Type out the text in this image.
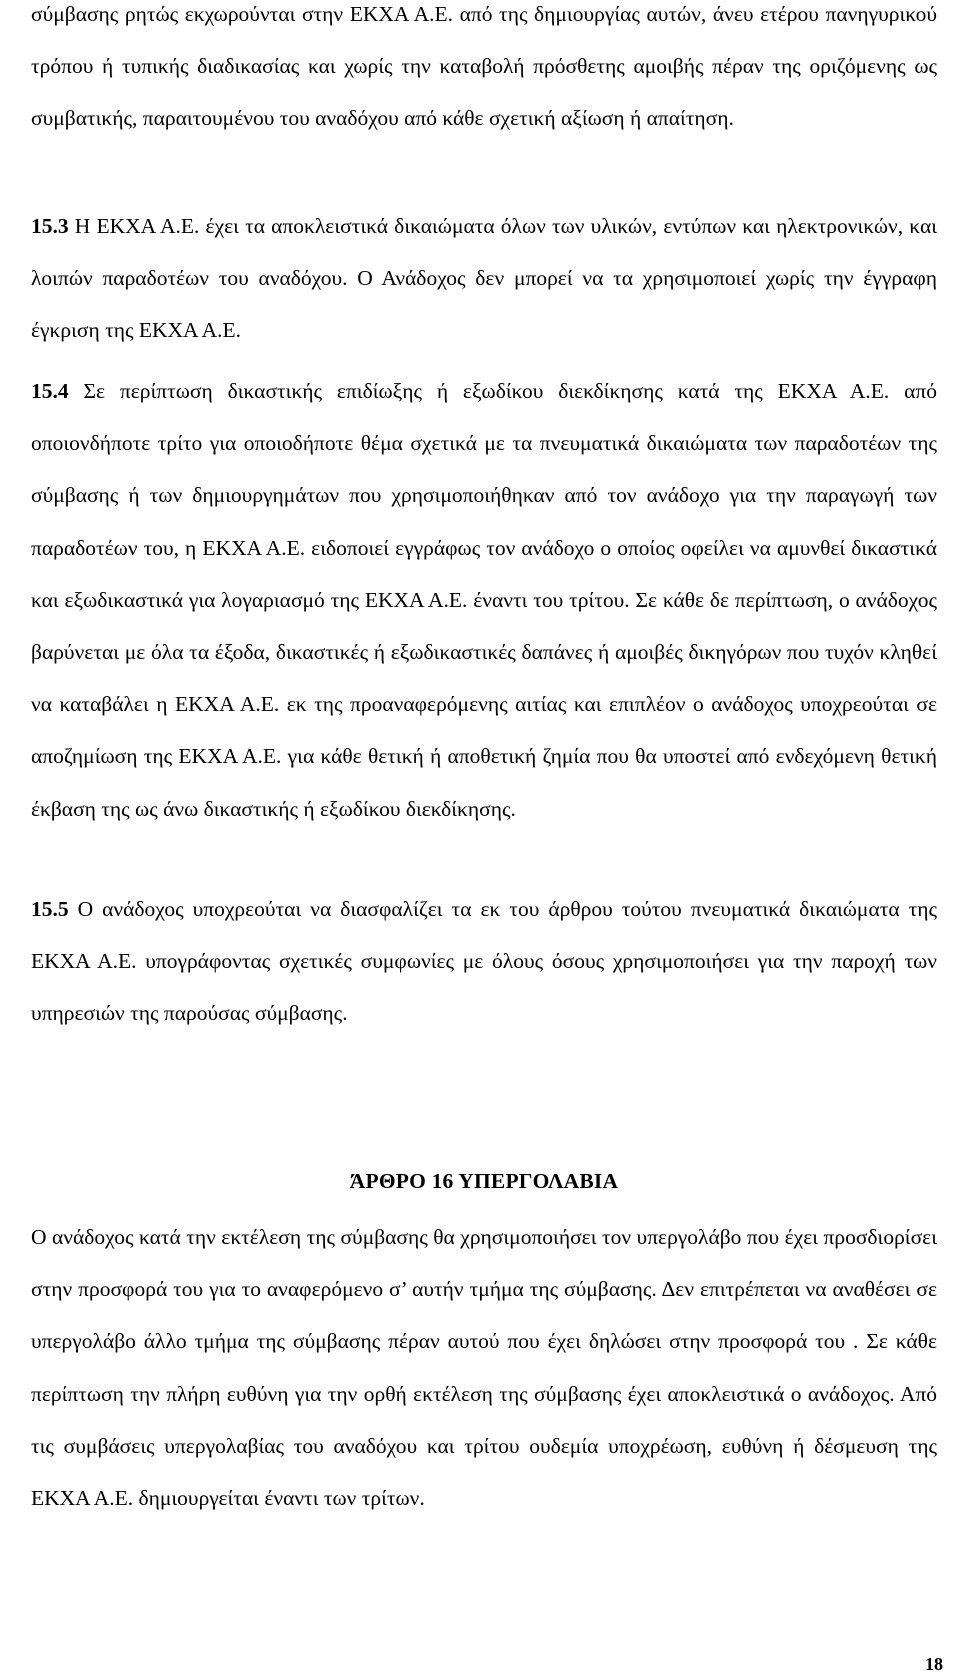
σύμβασης ρητώς εκχωρούνται στην ΕΚΧΑ Α.Ε. από της δημιουργίας αυτών, άνευ ετέρου πανηγυρικού τρόπου ή τυπικής διαδικασίας και χωρίς την καταβολή πρόσθετης αμοιβής πέραν της οριζόμενης ως συμβατικής, παραιτουμένου του αναδόχου από κάθε σχετική αξίωση ή απαίτηση.

15.3 Η ΕΚΧΑ Α.Ε. έχει τα αποκλειστικά δικαιώματα όλων των υλικών, εντύπων και ηλεκτρονικών, και λοιπών παραδοτέων του αναδόχου. Ο Ανάδοχος δεν μπορεί να τα χρησιμοποιεί χωρίς την έγγραφη έγκριση της ΕΚΧΑ Α.Ε.

15.4 Σε περίπτωση δικαστικής επιδίωξης ή εξωδίκου διεκδίκησης κατά της ΕΚΧΑ Α.Ε. από οποιονδήποτε τρίτο για οποιοδήποτε θέμα σχετικά με τα πνευματικά δικαιώματα των παραδοτέων της σύμβασης ή των δημιουργημάτων που χρησιμοποιήθηκαν από τον ανάδοχο για την παραγωγή των παραδοτέων του, η ΕΚΧΑ Α.Ε. ειδοποιεί εγγράφως τον ανάδοχο ο οποίος οφείλει να αμυνθεί δικαστικά και εξωδικαστικά για λογαριασμό της ΕΚΧΑ Α.Ε. έναντι του τρίτου. Σε κάθε δε περίπτωση, ο ανάδοχος βαρύνεται με όλα τα έξοδα, δικαστικές ή εξωδικαστικές δαπάνες ή αμοιβές δικηγόρων που τυχόν κληθεί να καταβάλει η ΕΚΧΑ Α.Ε. εκ της προαναφερόμενης αιτίας και επιπλέον ο ανάδοχος υποχρεούται σε αποζημίωση της ΕΚΧΑ Α.Ε. για κάθε θετική ή αποθετική ζημία που θα υποστεί από ενδεχόμενη θετική έκβαση της ως άνω δικαστικής ή εξωδίκου διεκδίκησης.

15.5 Ο ανάδοχος υποχρεούται να διασφαλίζει τα εκ του άρθρου τούτου πνευματικά δικαιώματα της ΕΚΧΑ Α.Ε. υπογράφοντας σχετικές συμφωνίες με όλους όσους χρησιμοποιήσει για την παροχή των υπηρεσιών της παρούσας σύμβασης.

ΆΡΘΡΟ 16 ΥΠΕΡΓΟΛΑΒΙΑ

Ο ανάδοχος κατά την εκτέλεση της σύμβασης θα χρησιμοποιήσει τον υπεργολάβο που έχει προσδιορίσει στην προσφορά του για το αναφερόμενο σ’ αυτήν τμήμα της σύμβασης. Δεν επιτρέπεται να αναθέσει σε υπεργολάβο άλλο τμήμα της σύμβασης πέραν αυτού που έχει δηλώσει στην προσφορά του . Σε κάθε περίπτωση την πλήρη ευθύνη για την ορθή εκτέλεση της σύμβασης έχει αποκλειστικά ο ανάδοχος. Από τις συμβάσεις υπεργολαβίας του αναδόχου και τρίτου ουδεμία υποχρέωση, ευθύνη ή δέσμευση της ΕΚΧΑ Α.Ε. δημιουργείται έναντι των τρίτων.

18
